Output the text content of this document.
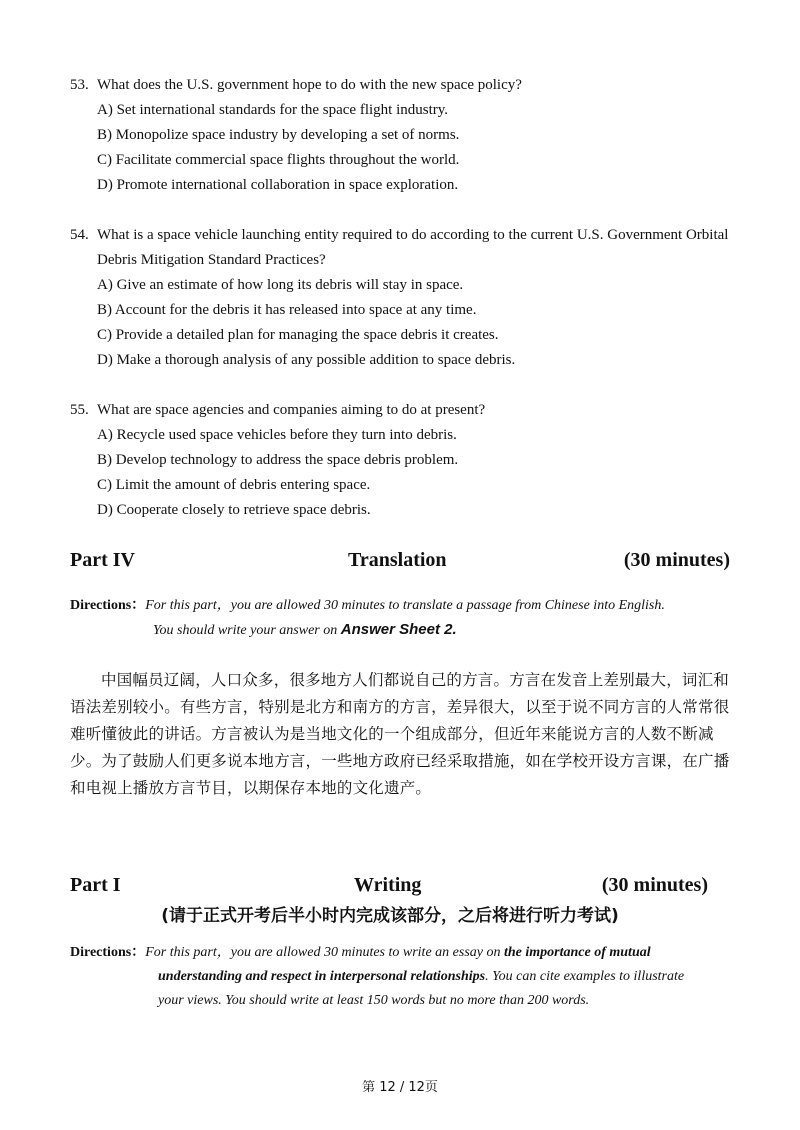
53. What does the U.S. government hope to do with the new space policy?
A) Set international standards for the space flight industry.
B) Monopolize space industry by developing a set of norms.
C) Facilitate commercial space flights throughout the world.
D) Promote international collaboration in space exploration.
54. What is a space vehicle launching entity required to do according to the current U.S. Government Orbital Debris Mitigation Standard Practices?
A) Give an estimate of how long its debris will stay in space.
B) Account for the debris it has released into space at any time.
C) Provide a detailed plan for managing the space debris it creates.
D) Make a thorough analysis of any possible addition to space debris.
55. What are space agencies and companies aiming to do at present?
A) Recycle used space vehicles before they turn into debris.
B) Develop technology to address the space debris problem.
C) Limit the amount of debris entering space.
D) Cooperate closely to retrieve space debris.
Part IV	Translation	(30 minutes)
Directions：For this part，you are allowed 30 minutes to translate a passage from Chinese into English.
You should write your answer on Answer Sheet 2.
中国幅员辽阔，人口众多，很多地方人们都说自己的方言。方言在发音上差别最大，词汇和语法差别较小。有些方言，特别是北方和南方的方言，差异很大，以至于说不同方言的人常常很难听懂彼此的讲话。方言被认为是当地文化的一个组成部分，但近年来能说方言的人数不断减少。为了鼓励人们更多说本地方言，一些地方政府已经采取措施，如在学校开设方言课，在广播和电视上播放方言节目，以期保存本地的文化遗产。
Part I	Writing	(30 minutes)
(请于正式开考后半小时内完成该部分，之后将进行听力考试)
Directions：For this part，you are allowed 30 minutes to write an essay on the importance of mutual understanding and respect in interpersonal relationships. You can cite examples to illustrate your views. You should write at least 150 words but no more than 200 words.
第 12 / 12页
